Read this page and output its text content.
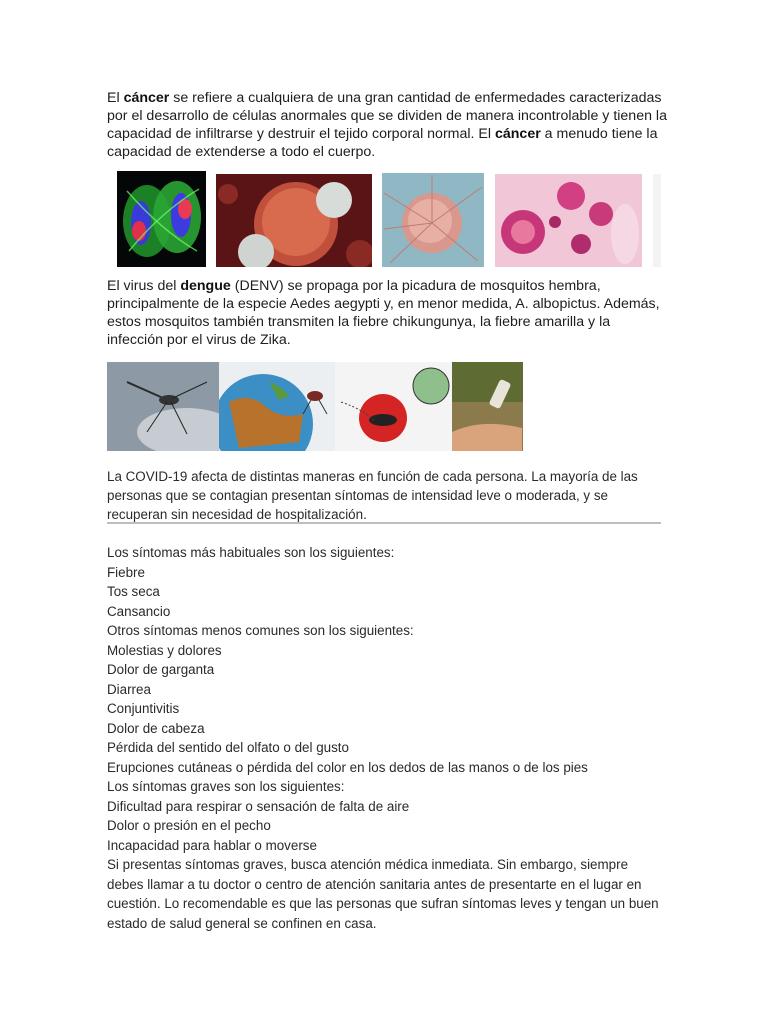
El cáncer se refiere a cualquiera de una gran cantidad de enfermedades caracterizadas por el desarrollo de células anormales que se dividen de manera incontrolable y tienen la capacidad de infiltrarse y destruir el tejido corporal normal. El cáncer a menudo tiene la capacidad de extenderse a todo el cuerpo.
El virus del dengue (DENV) se propaga por la picadura de mosquitos hembra, principalmente de la especie Aedes aegypti y, en menor medida, A. albopictus. Además, estos mosquitos también transmiten la fiebre chikungunya, la fiebre amarilla y la infección por el virus de Zika.
La COVID-19 afecta de distintas maneras en función de cada persona. La mayoría de las personas que se contagian presentan síntomas de intensidad leve o moderada, y se recuperan sin necesidad de hospitalización.
Los síntomas más habituales son los siguientes:
Fiebre
Tos seca
Cansancio
Otros síntomas menos comunes son los siguientes:
Molestias y dolores
Dolor de garganta
Diarrea
Conjuntivitis
Dolor de cabeza
Pérdida del sentido del olfato o del gusto
Erupciones cutáneas o pérdida del color en los dedos de las manos o de los pies
Los síntomas graves son los siguientes:
Dificultad para respirar o sensación de falta de aire
Dolor o presión en el pecho
Incapacidad para hablar o moverse
Si presentas síntomas graves, busca atención médica inmediata. Sin embargo, siempre debes llamar a tu doctor o centro de atención sanitaria antes de presentarte en el lugar en cuestión. Lo recomendable es que las personas que sufran síntomas leves y tengan un buen estado de salud general se confinen en casa.
